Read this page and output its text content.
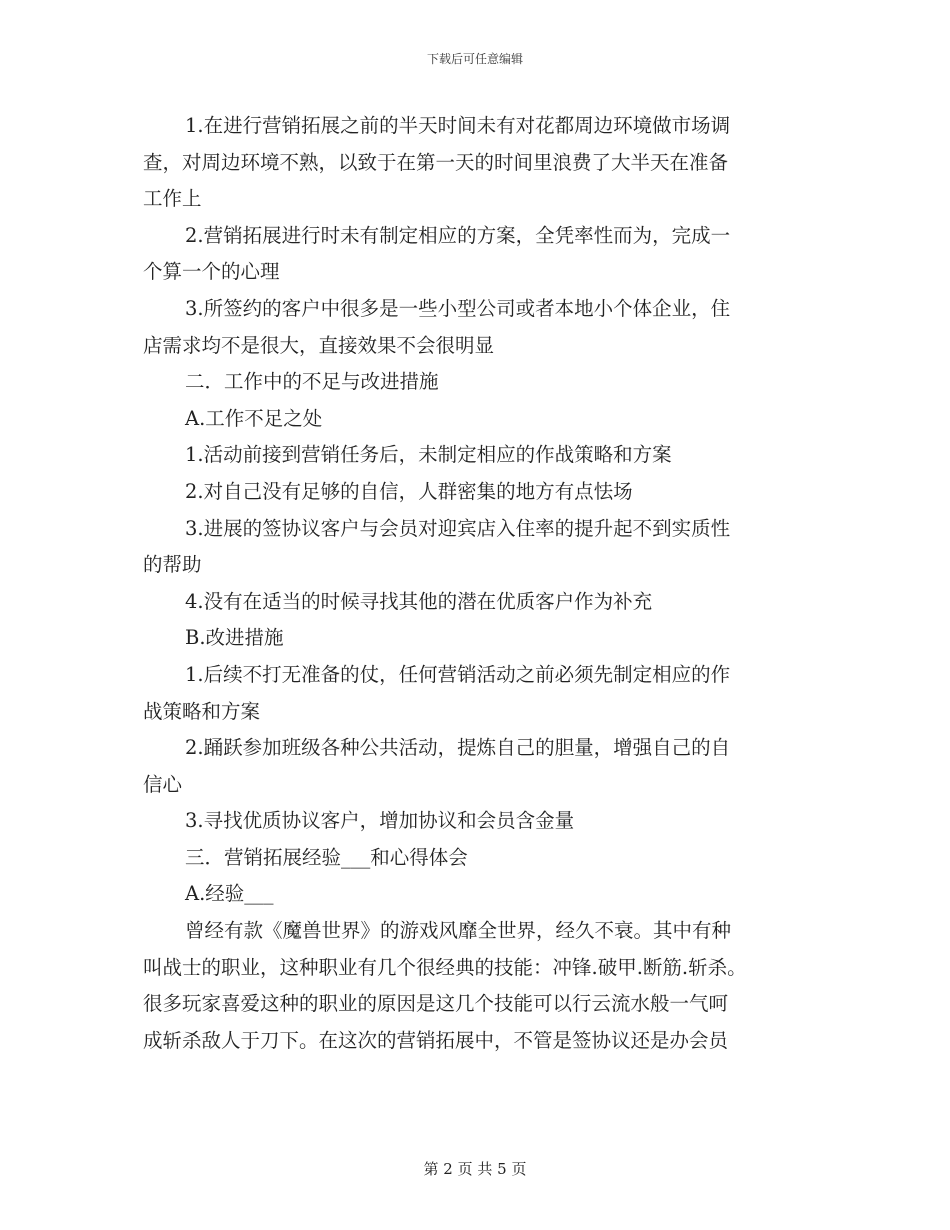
下载后可任意编辑
1.在进行营销拓展之前的半天时间未有对花都周边环境做市场调
查，对周边环境不熟，以致于在第一天的时间里浪费了大半天在准备
工作上
2.营销拓展进行时未有制定相应的方案，全凭率性而为，完成一
个算一个的心理
3.所签约的客户中很多是一些小型公司或者本地小个体企业，住
店需求均不是很大，直接效果不会很明显
二．工作中的不足与改进措施
A.工作不足之处
1.活动前接到营销任务后，未制定相应的作战策略和方案
2.对自己没有足够的自信，人群密集的地方有点怯场
3.进展的签协议客户与会员对迎宾店入住率的提升起不到实质性
的帮助
4.没有在适当的时候寻找其他的潜在优质客户作为补充
B.改进措施
1.后续不打无准备的仗，任何营销活动之前必须先制定相应的作
战策略和方案
2.踊跃参加班级各种公共活动，提炼自己的胆量，增强自己的自
信心
3.寻找优质协议客户，增加协议和会员含金量
三．营销拓展经验___和心得体会
A.经验___
曾经有款《魔兽世界》的游戏风靡全世界，经久不衰。其中有种
叫战士的职业，这种职业有几个很经典的技能：冲锋.破甲.断筋.斩杀。
很多玩家喜爱这种的职业的原因是这几个技能可以行云流水般一气呵
成斩杀敌人于刀下。在这次的营销拓展中，不管是签协议还是办会员
第 2 页 共 5 页
